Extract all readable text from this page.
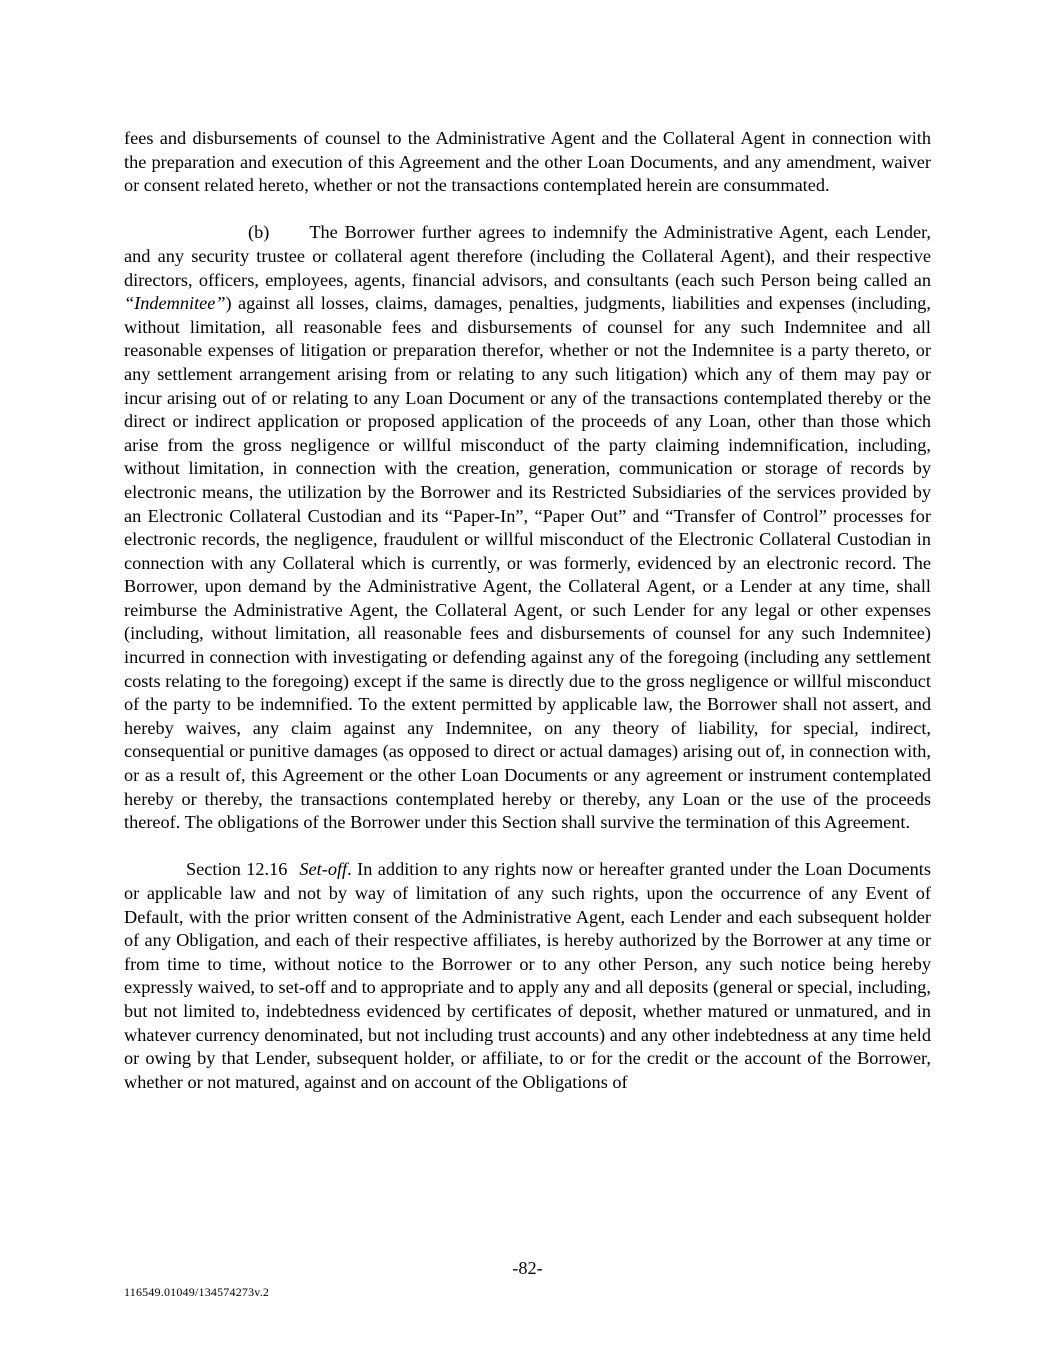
fees and disbursements of counsel to the Administrative Agent and the Collateral Agent in connection with the preparation and execution of this Agreement and the other Loan Documents, and any amendment, waiver or consent related hereto, whether or not the transactions contemplated herein are consummated.

(b) The Borrower further agrees to indemnify the Administrative Agent, each Lender, and any security trustee or collateral agent therefore (including the Collateral Agent), and their respective directors, officers, employees, agents, financial advisors, and consultants (each such Person being called an “Indemnitee”) against all losses, claims, damages, penalties, judgments, liabilities and expenses (including, without limitation, all reasonable fees and disbursements of counsel for any such Indemnitee and all reasonable expenses of litigation or preparation therefor, whether or not the Indemnitee is a party thereto, or any settlement arrangement arising from or relating to any such litigation) which any of them may pay or incur arising out of or relating to any Loan Document or any of the transactions contemplated thereby or the direct or indirect application or proposed application of the proceeds of any Loan, other than those which arise from the gross negligence or willful misconduct of the party claiming indemnification, including, without limitation, in connection with the creation, generation, communication or storage of records by electronic means, the utilization by the Borrower and its Restricted Subsidiaries of the services provided by an Electronic Collateral Custodian and its “Paper-In”, “Paper Out” and “Transfer of Control” processes for electronic records, the negligence, fraudulent or willful misconduct of the Electronic Collateral Custodian in connection with any Collateral which is currently, or was formerly, evidenced by an electronic record. The Borrower, upon demand by the Administrative Agent, the Collateral Agent, or a Lender at any time, shall reimburse the Administrative Agent, the Collateral Agent, or such Lender for any legal or other expenses (including, without limitation, all reasonable fees and disbursements of counsel for any such Indemnitee) incurred in connection with investigating or defending against any of the foregoing (including any settlement costs relating to the foregoing) except if the same is directly due to the gross negligence or willful misconduct of the party to be indemnified. To the extent permitted by applicable law, the Borrower shall not assert, and hereby waives, any claim against any Indemnitee, on any theory of liability, for special, indirect, consequential or punitive damages (as opposed to direct or actual damages) arising out of, in connection with, or as a result of, this Agreement or the other Loan Documents or any agreement or instrument contemplated hereby or thereby, the transactions contemplated hereby or thereby, any Loan or the use of the proceeds thereof. The obligations of the Borrower under this Section shall survive the termination of this Agreement.

Section 12.16 Set-off. In addition to any rights now or hereafter granted under the Loan Documents or applicable law and not by way of limitation of any such rights, upon the occurrence of any Event of Default, with the prior written consent of the Administrative Agent, each Lender and each subsequent holder of any Obligation, and each of their respective affiliates, is hereby authorized by the Borrower at any time or from time to time, without notice to the Borrower or to any other Person, any such notice being hereby expressly waived, to set-off and to appropriate and to apply any and all deposits (general or special, including, but not limited to, indebtedness evidenced by certificates of deposit, whether matured or unmatured, and in whatever currency denominated, but not including trust accounts) and any other indebtedness at any time held or owing by that Lender, subsequent holder, or affiliate, to or for the credit or the account of the Borrower, whether or not matured, against and on account of the Obligations of

-82-
116549.01049/134574273v.2
